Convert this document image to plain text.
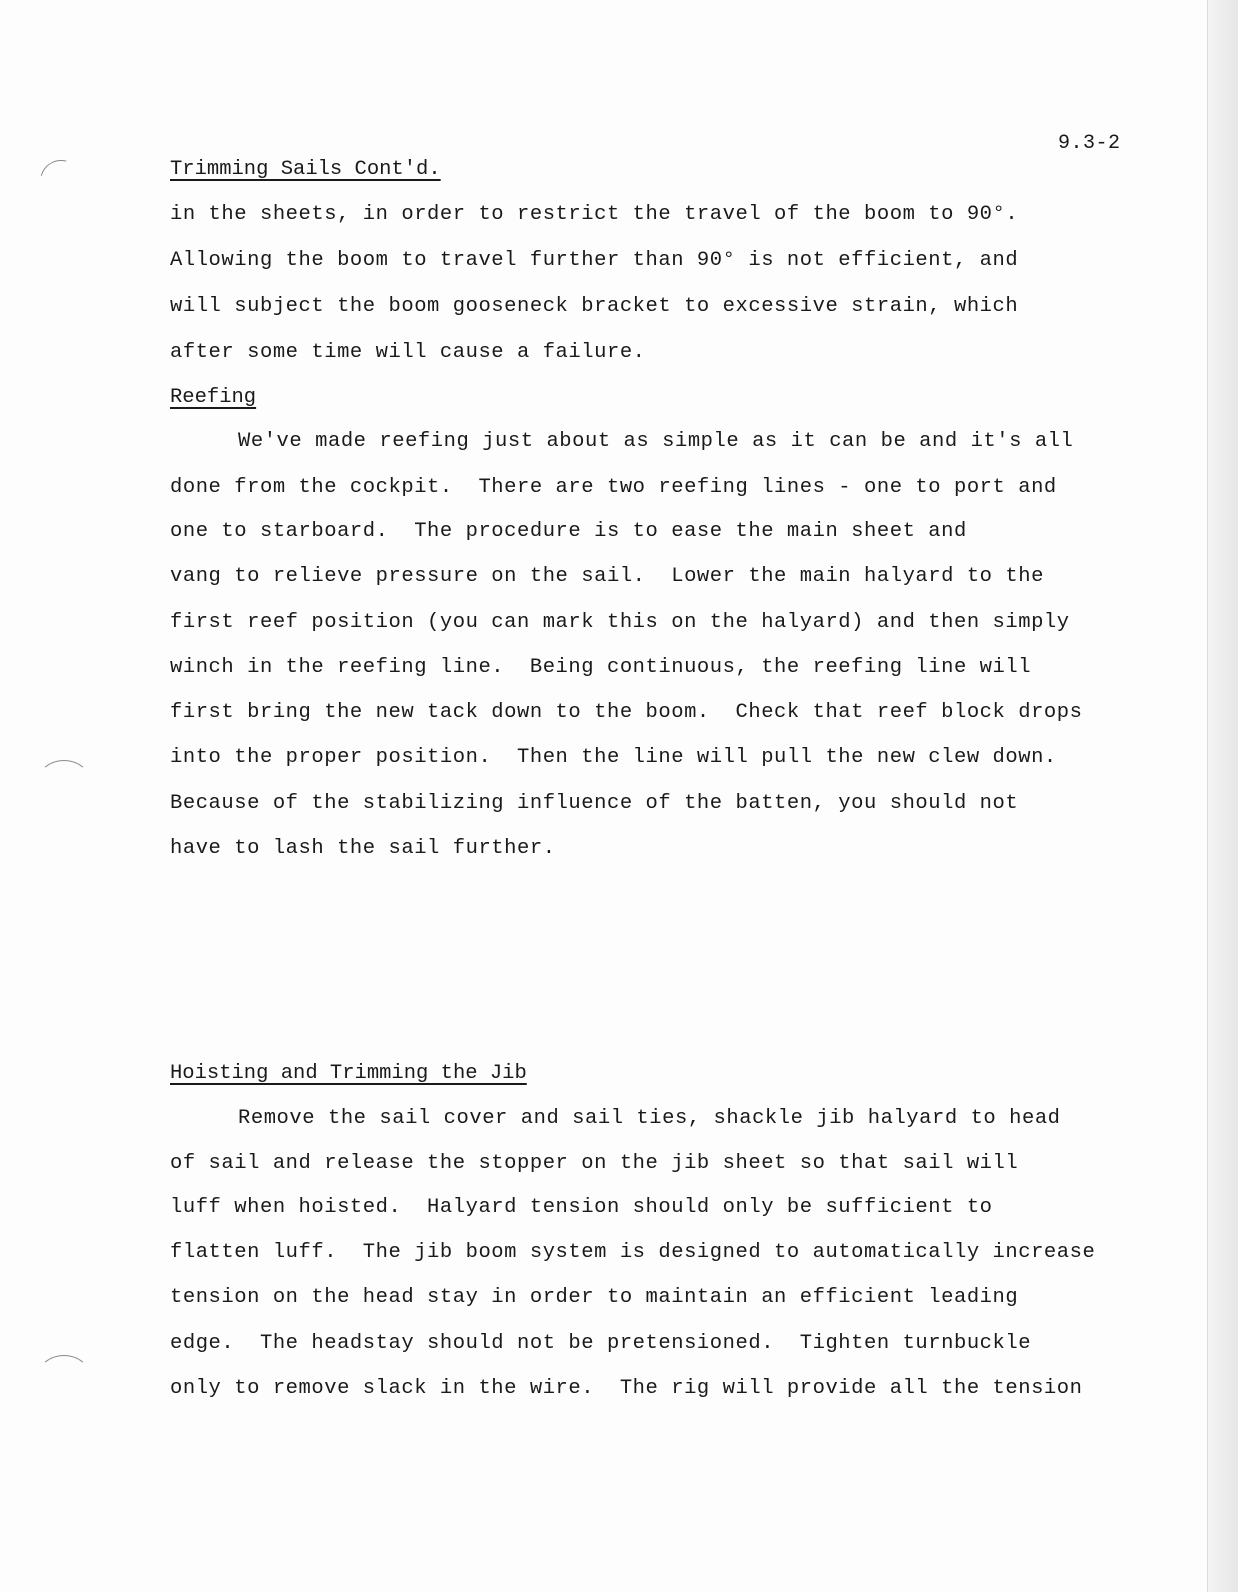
9.3-2
Trimming Sails Cont'd.
in the sheets, in order to restrict the travel of the boom to 90°.
Allowing the boom to travel further than 90° is not efficient, and
will subject the boom gooseneck bracket to excessive strain, which
after some time will cause a failure.
Reefing
We've made reefing just about as simple as it can be and it's all
done from the cockpit.  There are two reefing lines - one to port and
one to starboard.  The procedure is to ease the main sheet and
vang to relieve pressure on the sail.  Lower the main halyard to the
first reef position (you can mark this on the halyard) and then simply
winch in the reefing line.  Being continuous, the reefing line will
first bring the new tack down to the boom.  Check that reef block drops
into the proper position.  Then the line will pull the new clew down.
Because of the stabilizing influence of the batten, you should not
have to lash the sail further.
Hoisting and Trimming the Jib
Remove the sail cover and sail ties, shackle jib halyard to head
of sail and release the stopper on the jib sheet so that sail will
luff when hoisted.  Halyard tension should only be sufficient to
flatten luff.  The jib boom system is designed to automatically increase
tension on the head stay in order to maintain an efficient leading
edge.  The headstay should not be pretensioned.  Tighten turnbuckle
only to remove slack in the wire.  The rig will provide all the tension
